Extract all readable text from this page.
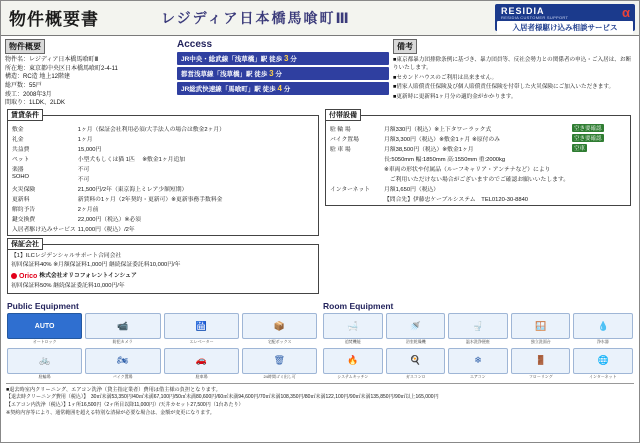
物件概要書	レジディア日本橋馬喰町Ⅲ	RESIDIA
RESIDIA CUSTOMER SUPPORT
入居者様駆け込み相談サービス
α
物件概要
物件名：レジディア日本橋馬喰町Ⅲ
所在地：東京都中央区日本橋馬喰町2-4-11
構造：RC造 地上12階建
総戸数：55戸
竣工：2008年3月
間取り：1LDK、2LDK
Access
JR中央・総武線「浅草橋」駅 徒歩 3 分
都営浅草線「浅草橋」駅 徒歩 3 分
JR総武快速線「馬喰町」駅 徒歩 4 分
備考
■東京都暴力団排除条例に基づき、暴力団員等、反社会勢力との関係者の申込・ご入居は、お断りいたします。
■セカンドハウスのご利用は出来ません。
■借家人賠償責任保険及び個人賠償責任保険を付帯した火災保険にご加入いただきます。
■更新時に更新料1ヶ月分の適約金がかかります。
賃貸条件
敷金	1ヶ月（保証会社利用必須/大手法人の場合は敷金2ヶ月）
礼金	1ヶ月
共益費	15,000円
ペット	小型犬もしくは猫 1匹 　※敷金1ヶ月追加
楽器	不可
SOHO	不可
火災保険	21,500円/2年（東京海上ミレア少額短期）
更新料	新賃料の1ヶ月（2年契約・更新可）※更新事務手数料金
解約予告	2ヶ月前
鍵交換費	22,000円（税込）※必須
入居者駆け込みサービス	11,000円（税込）/2年
保証会社
【1】ILCレジデンシャルサポート合同会社
初回保証料40% ※月額保証料1,000円 継続保証委託料10,000円/年
Orico 株式会社オリコフォレントインシュア
初回保証料50% 継続保証委託料10,000円/年
付帯設備
駐 輪 場	月額330円（税込）※上下タワーラック式	空き要確認
バイク置場	月額3,300円（税込）※敷金1ヶ月 ※原付のみ	空き要確認
駐 車 場	月額38,500円（税込）※敷金1ヶ月	空車
	長:5050mm 幅:1850mm 高:1550mm 重:2000kg	
	※車両の形状や付属品（ルーフキャリア・アンテナなど）により	
	　ご利用いただけない場合がございますのでご確認お願いいたします。	
インターネット	月額1,650円（税込）	
	【問合先】伊藤忠ケーブルシステム　TEL0120-30-8840	
Public Equipment
AUTO
オートロック
📹
防犯カメラ
🛗
エレベーター
📦
宅配ボックス
🚲
駐輪場
🏍
バイク置場
🚗
駐車場
🗑
24時間ゴミ出し可
Room Equipment
🛁
追焚機能
🚿
浴室乾燥機
🚽
温水洗浄便座
🪟
独立洗面台
💧
浄水器
🔥
システムキッチン
🍳
ガスコンロ
❄
エアコン
🚪
フローリング
🌐
インターネット
■退去時室内クリーニング、エアコン洗浄（貸主指定業者）費用は借主様の負担となります。
【退去時クリーニング費用（税込）】　30㎡未満53,350円/40㎡未満67,100円/50㎡未満80,600円/60㎡未満94,600円/70㎡未満108,350円/80㎡未満122,100円/90㎡未満135,850円/90㎡以上165,000円
【エアコン内洗浄（税込）】1ヶ所16,500円（2ヶ所目以降11,000円）/天井カセット27,500円（1台あたり）
※契約内容等により、通常範囲を超える特別な清掃が必要な場合は、金額が変更になります。
